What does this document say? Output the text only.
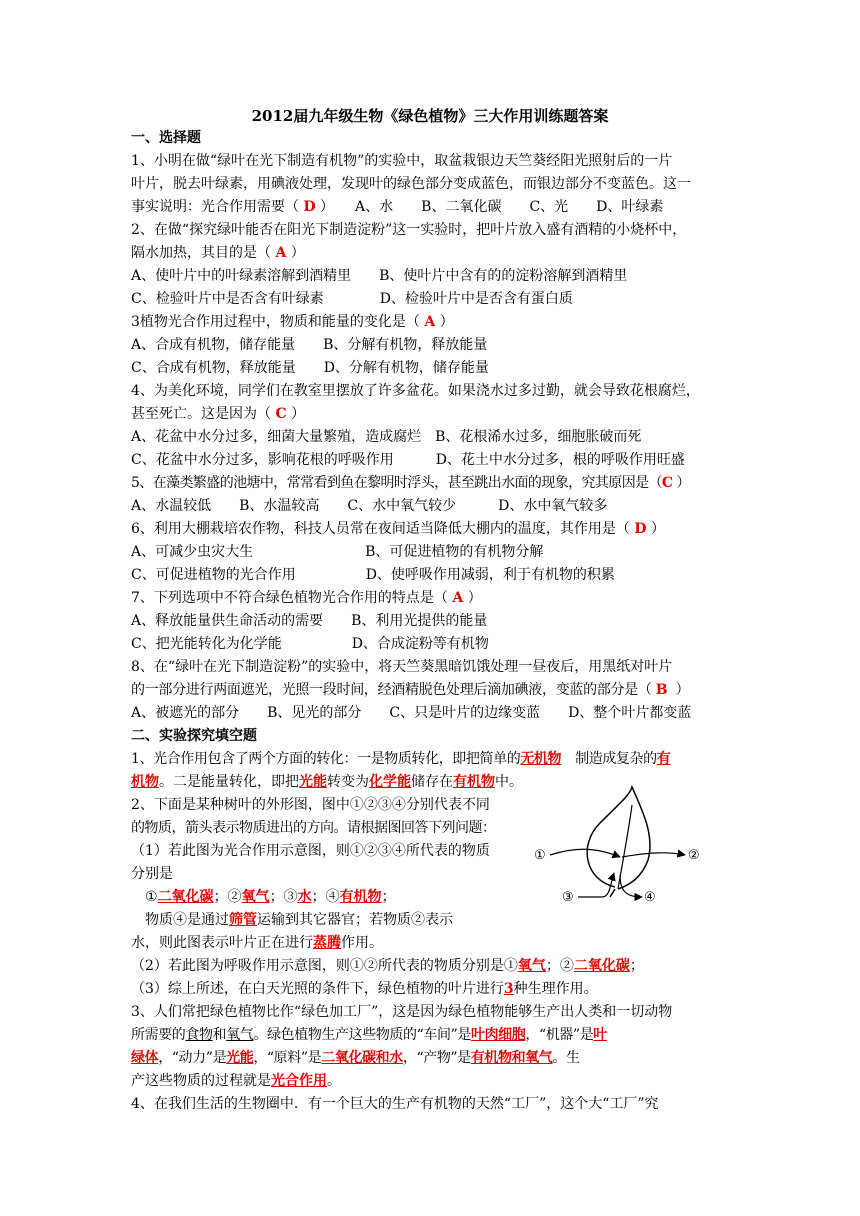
2012届九年级生物《绿色植物》三大作用训练题答案
一、选择题
1、小明在做“绿叶在光下制造有机物”的实验中，取盆栽银边天竺葵经阳光照射后的一片
叶片，脱去叶绿素，用碘液处理，发现叶的绿色部分变成蓝色，而银边部分不变蓝色。这一
事实说明：光合作用需要（ D ）　　A、水　　B、二氧化碳　　C、光　　D、叶绿素
2、在做“探究绿叶能否在阳光下制造淀粉”这一实验时，把叶片放入盛有酒精的小烧杯中，
隔水加热，其目的是（ A ）
A、使叶片中的叶绿素溶解到酒精里　　B、使叶片中含有的的淀粉溶解到酒精里
C、检验叶片中是否含有叶绿素　　　　D、检验叶片中是否含有蛋白质
3植物光合作用过程中，物质和能量的变化是（ A ）
A、合成有机物，储存能量　　B、分解有机物，释放能量
C、合成有机物，释放能量　　D、分解有机物，储存能量
4、为美化环境，同学们在教室里摆放了许多盆花。如果浇水过多过勤，就会导致花根腐烂，
甚至死亡。这是因为（ C ）
A、花盆中水分过多，细菌大量繁殖，造成腐烂　B、花根浠水过多，细胞胀破而死
C、花盆中水分过多，影响花根的呼吸作用　　　D、花土中水分过多，根的呼吸作用旺盛
5、在藻类繁盛的池塘中，常常看到鱼在黎明时浮头，甚至跳出水面的现象，究其原因是（C ）
A、水温较低　　B、水温较高　　C、水中氧气较少　　　D、水中氧气较多
6、利用大棚栽培农作物，科技人员常在夜间适当降低大棚内的温度，其作用是（ D ）
A、可减少虫灾大生　　　　　　　　B、可促进植物的有机物分解
C、可促进植物的光合作用　　　　　D、使呼吸作用减弱，利于有机物的积累
7、下列选项中不符合绿色植物光合作用的特点是（ A ）
A、释放能量供生命活动的需要　　B、利用光提供的能量
C、把光能转化为化学能　　　　　D、合成淀粉等有机物
8、在“绿叶在光下制造淀粉”的实验中，将天竺葵黑暗饥饿处理一昼夜后，用黑纸对叶片
的一部分进行两面遮光，光照一段时间，经酒精脱色处理后滴加碘液，变蓝的部分是（ B ）
A、被遮光的部分　　B、见光的部分　　C、只是叶片的边缘变蓝　　D、整个叶片都变蓝
二、实验探究填空题
1、光合作用包含了两个方面的转化：一是物质转化，即把简单的无机物 制造成复杂的有
机物。二是能量转化，即把光能转变为化学能储存在有机物中。
2、下面是某种树叶的外形图，图中①②③④分别代表不同
的物质，箭头表示物质进出的方向。请根据图回答下列问题：
（1）若此图为光合作用示意图，则①②③④所代表的物质
分别是
①二氧化碳；②氧气；③水；④有机物；
物质④是通过筛管运输到其它器官；若物质②表示
水，则此图表示叶片正在进行蒸腾作用。
（2）若此图为呼吸作用示意图，则①②所代表的物质分别是①氧气；②二氧化碳；
（3）综上所述，在白天光照的条件下，绿色植物的叶片进行3种生理作用。
①	②
③	④
3、人们常把绿色植物比作“绿色加工厂”，这是因为绿色植物能够生产出人类和一切动物
所需要的食物和氧气。绿色植物生产这些物质的“车间”是叶肉细胞，“机器”是叶
绿体，“动力”是光能，“原料”是二氧化碳和水，“产物”是有机物和氧气。生
产这些物质的过程就是光合作用。
4、在我们生活的生物圈中．有一个巨大的生产有机物的天然“工厂”，这个大“工厂”究
